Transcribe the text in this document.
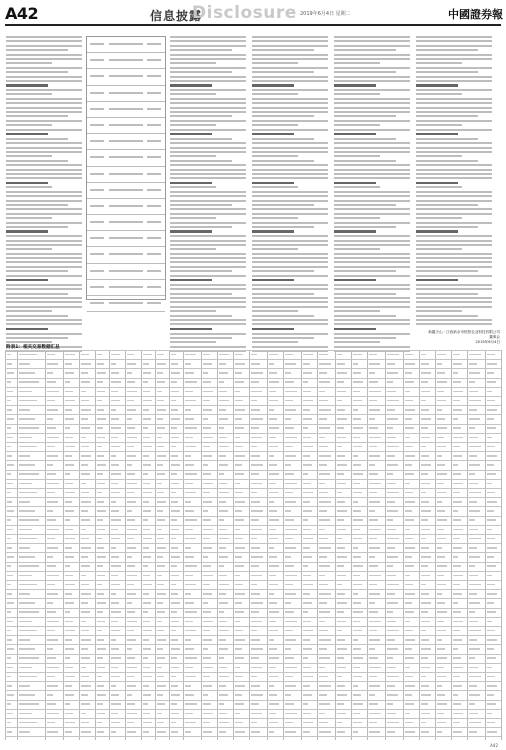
A42	信息披露
Disclosure 2019年6月4日 星期二	中國證券報
新疆天山 · 江西新余市恒阳农业科技有限公司
董事会
2019年6月4日
附表1：相关交易数据汇总
A42
